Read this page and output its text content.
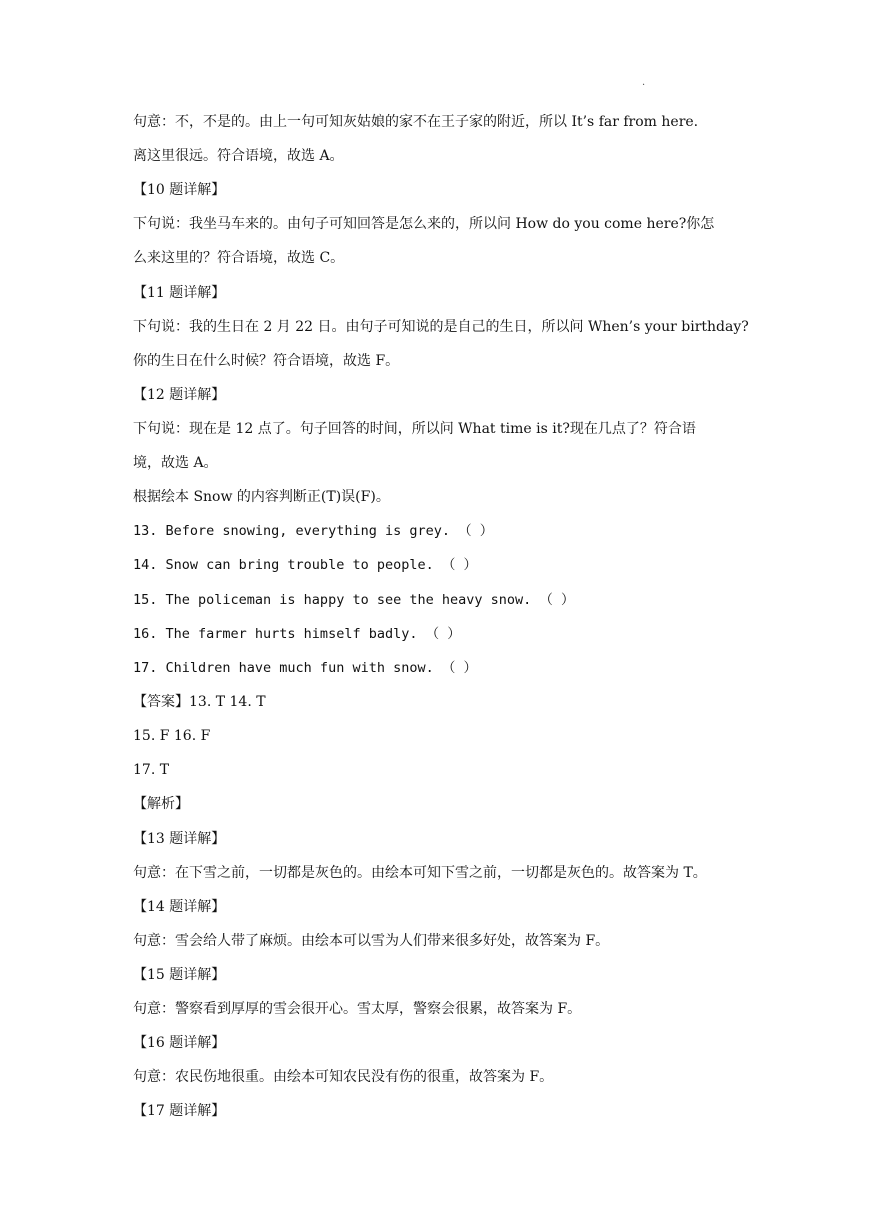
·
句意：不，不是的。由上一句可知灰姑娘的家不在王子家的附近，所以 It’s far from here.
离这里很远。符合语境，故选 A。
【10 题详解】
下句说：我坐马车来的。由句子可知回答是怎么来的，所以问 How do you come here?你怎
么来这里的？符合语境，故选 C。
【11 题详解】
下句说：我的生日在 2 月 22 日。由句子可知说的是自己的生日，所以问 When’s your birthday?
你的生日在什么时候？符合语境，故选 F。
【12 题详解】
下句说：现在是 12 点了。句子回答的时间，所以问 What time is it?现在几点了？符合语
境，故选 A。
根据绘本 Snow 的内容判断正(T)误(F)。
13. Before snowing, everything is grey. （ ）
14. Snow can bring trouble to people. （ ）
15. The policeman is happy to see the heavy snow. （ ）
16. The farmer hurts himself badly. （ ）
17. Children have much fun with snow. （ ）
【答案】13. T 14. T
15. F 16. F
17. T
【解析】
【13 题详解】
句意：在下雪之前，一切都是灰色的。由绘本可知下雪之前，一切都是灰色的。故答案为 T。
【14 题详解】
句意：雪会给人带了麻烦。由绘本可以雪为人们带来很多好处，故答案为 F。
【15 题详解】
句意：警察看到厚厚的雪会很开心。雪太厚，警察会很累，故答案为 F。
【16 题详解】
句意：农民伤地很重。由绘本可知农民没有伤的很重，故答案为 F。
【17 题详解】
